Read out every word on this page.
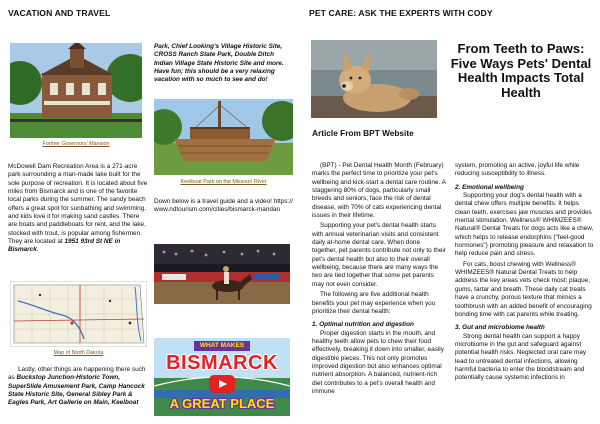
VACATION AND TRAVEL
Former Governors' Mansion
McDowell Dam Recreation Area is a 271-acre park surrounding a man-made lake built for the sole purpose of recreation. It is located about five miles from Bismarck and is one of the favorite local parks during the summer. The sandy beach offers a great spot for sunbathing and swimming, and kids love it for making sand castles. There are boats and paddleboats for rent, and the lake, stocked with trout, is popular among fishermen. They are located at 1951 93rd St NE in Bismarck.
Map of North Dakota
Lastly, other things are happening there such as Buckstop Junction-Historic Town, SuperSlide Amusement Park, Camp Hancock State Historic Site, General Sibley Park & Eagles Park, Art Gallerie on Main, Keelboat
Park, Chief Looking's Village Historic Site, CROSS Ranch State Park, Double Ditch Indian Village State Historic Site and more. Have fun; this should be a very relaxing vacation with so much to see and do!
Keelboat Park on the Missouri River
Down below is a travel guide and a video! https://www.ndtourism.com/cities/bismarck-mandan
WHAT MAKES
BISMARCK
A GREAT PLACE
PET CARE: ASK THE EXPERTS WITH CODY
From Teeth to Paws: Five Ways Pets' Dental Health Impacts Total Health
Article From BPT Website

(BPT) - Pet Dental Health Month (February) marks the perfect time to prioritize your pet's wellbeing and kick-start a dental care routine. A staggering 80% of dogs, particularly small breeds and seniors, face the risk of dental disease, with 70% of cats experiencing dental issues in their lifetime.

Supporting your pet's dental health starts with annual veterinarian visits and consistent daily at-home dental care. When done together, pet parents contribute not only to their pet's dental health but also to their overall wellbeing, because there are many ways the two are tied together that some pet parents may not even consider.

The following are five additional health benefits your pet may experience when you prioritize their dental health:

1. Optimal nutrition and digestion

Proper digestion starts in the mouth, and healthy teeth allow pets to chew their food effectively, breaking it down into smaller, easily digestible pieces. This not only promotes improved digestion but also enhances optimal nutrient absorption. A balanced, nutrient-rich diet contributes to a pet's overall health and immune

system, promoting an active, joyful life while reducing susceptibility to illness.

2. Emotional wellbeing

Supporting your dog's dental health with a dental chew offers multiple benefits: It helps clean teeth, exercises jaw muscles and provides mental stimulation. Wellness® WHIMZEES® Natural® Dental Treats for dogs acts like a chew, which helps to release endorphins ("feel-good hormones") promoting pleasure and relaxation to help reduce pain and stress.

For cats, boost chewing with Wellness® WHIMZEES® Natural Dental Treats to help address the key areas vets check most: plaque, gums, tartar and breath. These daily cat treats have a crunchy, porous texture that mimics a toothbrush with an added benefit of encouraging bonding time with cat parents while treating.

3. Gut and microbiome health

Strong dental health can support a happy microbiome in the gut and safeguard against potential health risks. Neglected oral care may lead to untreated dental infections, allowing harmful bacteria to enter the bloodstream and potentially cause systemic infections in
